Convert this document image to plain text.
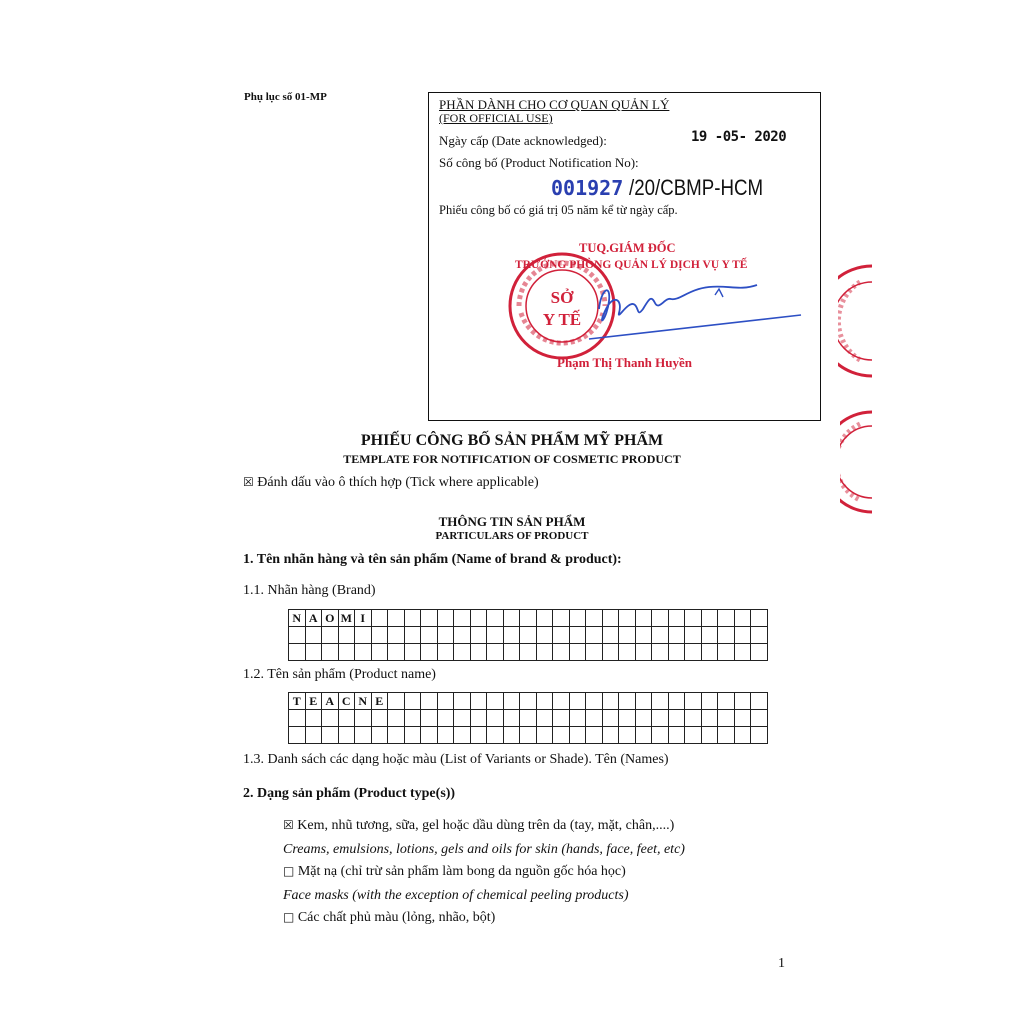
Phụ lục số 01-MP	PHẦN DÀNH CHO CƠ QUAN QUẢN LÝ
(FOR OFFICIAL USE)
Ngày cấp (Date acknowledged):	19 -05- 2020
Số công bố (Product Notification No):
001927 /20/CBMP-HCM
Phiếu công bố có giá trị 05 năm kể từ ngày cấp.
SỞ
Y TẾ
TUQ.GIÁM ĐỐC
TRƯỞNG PHÒNG QUẢN LÝ DỊCH VỤ Y TẾ
Phạm Thị Thanh Huyền
PHIẾU CÔNG BỐ SẢN PHẨM MỸ PHẨM
TEMPLATE FOR NOTIFICATION OF COSMETIC PRODUCT
☒ Đánh dấu vào ô thích hợp (Tick where applicable)
THÔNG TIN SẢN PHẨM
PARTICULARS OF PRODUCT
1. Tên nhãn hàng và tên sản phẩm (Name of brand & product):
1.1. Nhãn hàng (Brand)
N	A	O	M	I																								

1.2. Tên sản phẩm (Product name)
T	E	A	C	N	E																							

1.3. Danh sách các dạng hoặc màu (List of Variants or Shade). Tên (Names)
2. Dạng sản phẩm (Product type(s))
☒ Kem, nhũ tương, sữa, gel hoặc dầu dùng trên da (tay, mặt, chân,....)
Creams, emulsions, lotions, gels and oils for skin (hands, face, feet, etc)
□ Mặt nạ (chỉ trừ sản phẩm làm bong da nguồn gốc hóa học)
Face masks (with the exception of chemical peeling products)
□ Các chất phủ màu (lỏng, nhão, bột)
1
